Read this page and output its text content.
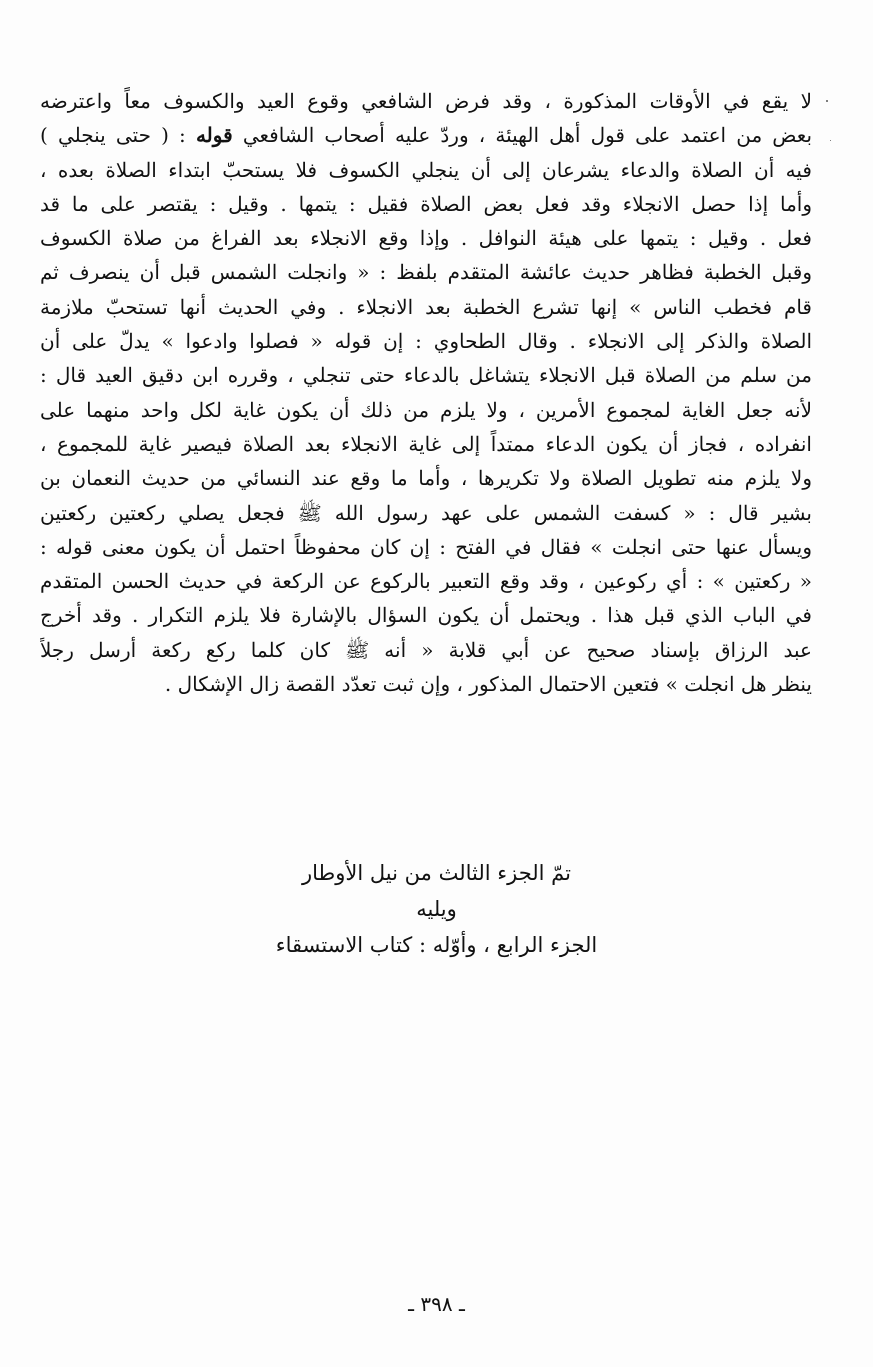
لا يقع في الأوقات المذكورة ، وقد فرض الشافعي وقوع العيد والكسوف معاً واعترضه
بعض من اعتمد على قول أهل الهيئة ، وردّ عليه أصحاب الشافعي قوله : ( حتى ينجلي )
فيه أن الصلاة والدعاء يشرعان إلى أن ينجلي الكسوف فلا يستحبّ ابتداء الصلاة بعده ،
وأما إذا حصل الانجلاء وقد فعل بعض الصلاة فقيل : يتمها . وقيل : يقتصر على ما قد
فعل . وقيل : يتمها على هيئة النوافل . وإذا وقع الانجلاء بعد الفراغ من صلاة الكسوف
وقبل الخطبة فظاهر حديث عائشة المتقدم بلفظ : « وانجلت الشمس قبل أن ينصرف ثم
قام فخطب الناس » إنها تشرع الخطبة بعد الانجلاء . وفي الحديث أنها تستحبّ ملازمة
الصلاة والذكر إلى الانجلاء . وقال الطحاوي : إن قوله « فصلوا وادعوا » يدلّ على أن
من سلم من الصلاة قبل الانجلاء يتشاغل بالدعاء حتى تنجلي ، وقرره ابن دقيق العيد قال :
لأنه جعل الغاية لمجموع الأمرين ، ولا يلزم من ذلك أن يكون غاية لكل واحد منهما على
انفراده ، فجاز أن يكون الدعاء ممتداً إلى غاية الانجلاء بعد الصلاة فيصير غاية للمجموع ،
ولا يلزم منه تطويل الصلاة ولا تكريرها ، وأما ما وقع عند النسائي من حديث النعمان بن
بشير قال : « كسفت الشمس على عهد رسول الله ﷺ فجعل يصلي ركعتين ركعتين
ويسأل عنها حتى انجلت » فقال في الفتح : إن كان محفوظاً احتمل أن يكون معنى قوله :
« ركعتين » : أي ركوعين ، وقد وقع التعبير بالركوع عن الركعة في حديث الحسن المتقدم
في الباب الذي قبل هذا . ويحتمل أن يكون السؤال بالإشارة فلا يلزم التكرار . وقد أخرج
عبد الرزاق بإسناد صحيح عن أبي قلابة « أنه ﷺ كان كلما ركع ركعة أرسل رجلاً
ينظر هل انجلت » فتعين الاحتمال المذكور ، وإن ثبت تعدّد القصة زال الإشكال .
تمّ الجزء الثالث من نيل الأوطار
ويليه
الجزء الرابع ، وأوّله : كتاب الاستسقاء
ـ ٣٩٨ ـ
